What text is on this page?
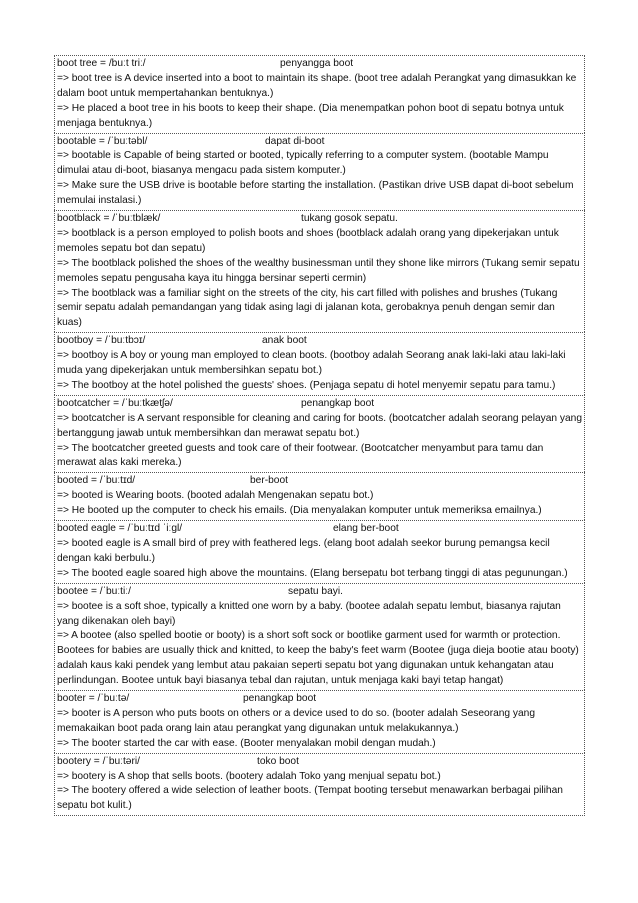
boot tree = /buːt triː/	penyangga boot

=> boot tree is A device inserted into a boot to maintain its shape. (boot tree adalah Perangkat yang dimasukkan ke dalam boot untuk mempertahankan bentuknya.)

=> He placed a boot tree in his boots to keep their shape. (Dia menempatkan pohon boot di sepatu botnya untuk menjaga bentuknya.)

bootable = /ˈbuːtəbl/	dapat di-boot

=> bootable is Capable of being started or booted, typically referring to a computer system. (bootable Mampu dimulai atau di-boot, biasanya mengacu pada sistem komputer.)

=> Make sure the USB drive is bootable before starting the installation. (Pastikan drive USB dapat di-boot sebelum memulai instalasi.)

bootblack = /ˈbuːtblæk/	tukang gosok sepatu.

=> bootblack is a person employed to polish boots and shoes (bootblack adalah orang yang dipekerjakan untuk memoles sepatu bot dan sepatu)

=> The bootblack polished the shoes of the wealthy businessman until they shone like mirrors (Tukang semir sepatu memoles sepatu pengusaha kaya itu hingga bersinar seperti cermin)

=> The bootblack was a familiar sight on the streets of the city, his cart filled with polishes and brushes (Tukang semir sepatu adalah pemandangan yang tidak asing lagi di jalanan kota, gerobaknya penuh dengan semir dan kuas)

bootboy = /ˈbuːtbɔɪ/	anak boot

=> bootboy is A boy or young man employed to clean boots. (bootboy adalah Seorang anak laki-laki atau laki-laki muda yang dipekerjakan untuk membersihkan sepatu bot.)

=> The bootboy at the hotel polished the guests' shoes. (Penjaga sepatu di hotel menyemir sepatu para tamu.)

bootcatcher = /ˈbuːtkætʃə/	penangkap boot

=> bootcatcher is A servant responsible for cleaning and caring for boots. (bootcatcher adalah seorang pelayan yang bertanggung jawab untuk membersihkan dan merawat sepatu bot.)

=> The bootcatcher greeted guests and took care of their footwear. (Bootcatcher menyambut para tamu dan merawat alas kaki mereka.)

booted = /ˈbuːtɪd/	ber-boot

=> booted is Wearing boots. (booted adalah Mengenakan sepatu bot.)

=> He booted up the computer to check his emails. (Dia menyalakan komputer untuk memeriksa emailnya.)

booted eagle = /ˈbuːtɪd ˈiːɡl/	elang ber-boot

=> booted eagle is A small bird of prey with feathered legs. (elang boot adalah seekor burung pemangsa kecil dengan kaki berbulu.)

=> The booted eagle soared high above the mountains. (Elang bersepatu bot terbang tinggi di atas pegunungan.)

bootee = /ˈbuːtiː/	sepatu bayi.

=> bootee is a soft shoe, typically a knitted one worn by a baby. (bootee adalah sepatu lembut, biasanya rajutan yang dikenakan oleh bayi)

=> A bootee (also spelled bootie or booty) is a short soft sock or bootlike garment used for warmth or protection. Bootees for babies are usually thick and knitted, to keep the baby's feet warm (Bootee (juga dieja bootie atau booty) adalah kaus kaki pendek yang lembut atau pakaian seperti sepatu bot yang digunakan untuk kehangatan atau perlindungan. Bootee untuk bayi biasanya tebal dan rajutan, untuk menjaga kaki bayi tetap hangat)

booter = /ˈbuːtə/	penangkap boot

=> booter is A person who puts boots on others or a device used to do so. (booter adalah Seseorang yang memakaikan boot pada orang lain atau perangkat yang digunakan untuk melakukannya.)

=> The booter started the car with ease. (Booter menyalakan mobil dengan mudah.)

bootery = /ˈbuːtəri/	toko boot

=> bootery is A shop that sells boots. (bootery adalah Toko yang menjual sepatu bot.)

=> The bootery offered a wide selection of leather boots. (Tempat booting tersebut menawarkan berbagai pilihan sepatu bot kulit.)
